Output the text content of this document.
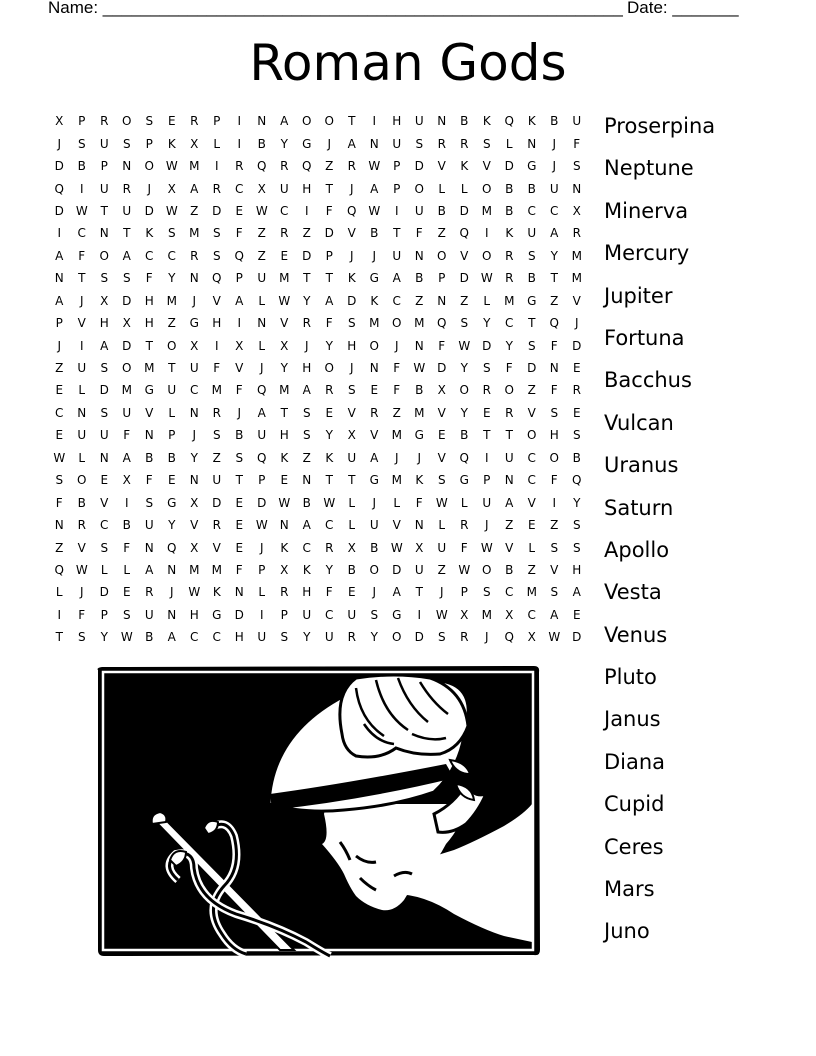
Name: _______________________________________________________ Date: _______
Roman Gods
X	P	R	O	S	E	R	P	I	N	A	O	O	T	I	H	U	N	B	K	Q	K	B	U
J	S	U	S	P	K	X	L	I	B	Y	G	J	A	N	U	S	R	R	S	L	N	J	F
D	B	P	N	O	W	M	I	R	Q	R	Q	Z	R	W	P	D	V	K	V	D	G	J	S
Q	I	U	R	J	X	A	R	C	X	U	H	T	J	A	P	O	L	L	O	B	B	U	N
D	W	T	U	D	W	Z	D	E	W	C	I	F	Q	W	I	U	B	D	M	B	C	C	X
I	C	N	T	K	S	M	S	F	Z	R	Z	D	V	B	T	F	Z	Q	I	K	U	A	R
A	F	O	A	C	C	R	S	Q	Z	E	D	P	J	J	U	N	O	V	O	R	S	Y	M
N	T	S	S	F	Y	N	Q	P	U	M	T	T	K	G	A	B	P	D	W	R	B	T	M
A	J	X	D	H	M	J	V	A	L	W	Y	A	D	K	C	Z	N	Z	L	M	G	Z	V
P	V	H	X	H	Z	G	H	I	N	V	R	F	S	M	O	M	Q	S	Y	C	T	Q	J
J	I	A	D	T	O	X	I	X	L	X	J	Y	H	O	J	N	F	W	D	Y	S	F	D
Z	U	S	O	M	T	U	F	V	J	Y	H	O	J	N	F	W	D	Y	S	F	D	N	E
E	L	D	M	G	U	C	M	F	Q	M	A	R	S	E	F	B	X	O	R	O	Z	F	R
C	N	S	U	V	L	N	R	J	A	T	S	E	V	R	Z	M	V	Y	E	R	V	S	E
E	U	U	F	N	P	J	S	B	U	H	S	Y	X	V	M	G	E	B	T	T	O	H	S
W	L	N	A	B	B	Y	Z	S	Q	K	Z	K	U	A	J	J	V	Q	I	U	C	O	B
S	O	E	X	F	E	N	U	T	P	E	N	T	T	G	M	K	S	G	P	N	C	F	Q
F	B	V	I	S	G	X	D	E	D	W	B	W	L	J	L	F	W	L	U	A	V	I	Y
N	R	C	B	U	Y	V	R	E	W	N	A	C	L	U	V	N	L	R	J	Z	E	Z	S
Z	V	S	F	N	Q	X	V	E	J	K	C	R	X	B	W	X	U	F	W	V	L	S	S
Q	W	L	L	A	N	M	M	F	P	X	K	Y	B	O	D	U	Z	W	O	B	Z	V	H
L	J	D	E	R	J	W	K	N	L	R	H	F	E	J	A	T	J	P	S	C	M	S	A
I	F	P	S	U	N	H	G	D	I	P	U	C	U	S	G	I	W	X	M	X	C	A	E
T	S	Y	W	B	A	C	C	H	U	S	Y	U	R	Y	O	D	S	R	J	Q	X	W	D
Proserpina
Neptune
Minerva
Mercury
Jupiter
Fortuna
Bacchus
Vulcan
Uranus
Saturn
Apollo
Vesta
Venus
Pluto
Janus
Diana
Cupid
Ceres
Mars
Juno
